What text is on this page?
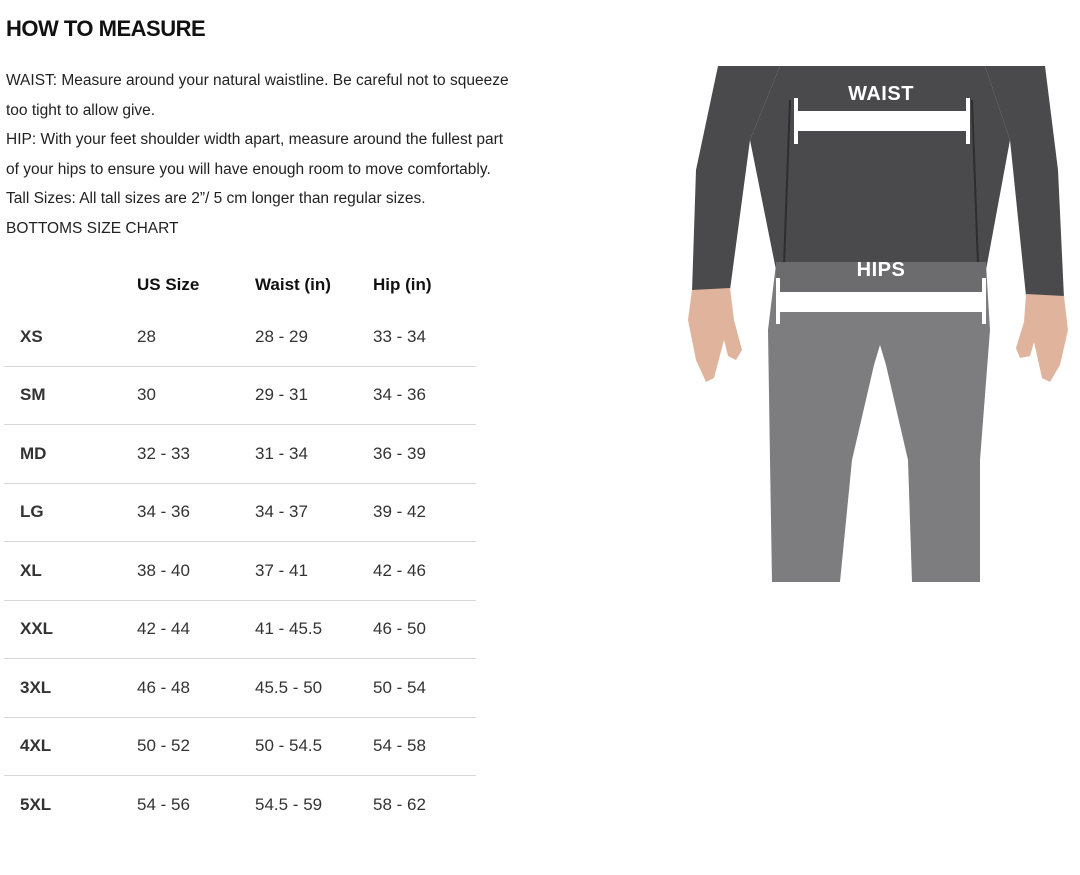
HOW TO MEASURE

WAIST: Measure around your natural waistline. Be careful not to squeeze

too tight to allow give.

HIP: With your feet shoulder width apart, measure around the fullest part

of your hips to ensure you will have enough room to move comfortably.

Tall Sizes: All tall sizes are 2”/ 5 cm longer than regular sizes.

BOTTOMS SIZE CHART

	US Size	Waist (in)	Hip (in)
XS	28	28 - 29	33 - 34
SM	30	29 - 31	34 - 36
MD	32 - 33	31 - 34	36 - 39
LG	34 - 36	34 - 37	39 - 42
XL	38 - 40	37 - 41	42 - 46
XXL	42 - 44	41 - 45.5	46 - 50
3XL	46 - 48	45.5 - 50	50 - 54
4XL	50 - 52	50 - 54.5	54 - 58
5XL	54 - 56	54.5 - 59	58 - 62
WAIST
HIPS
